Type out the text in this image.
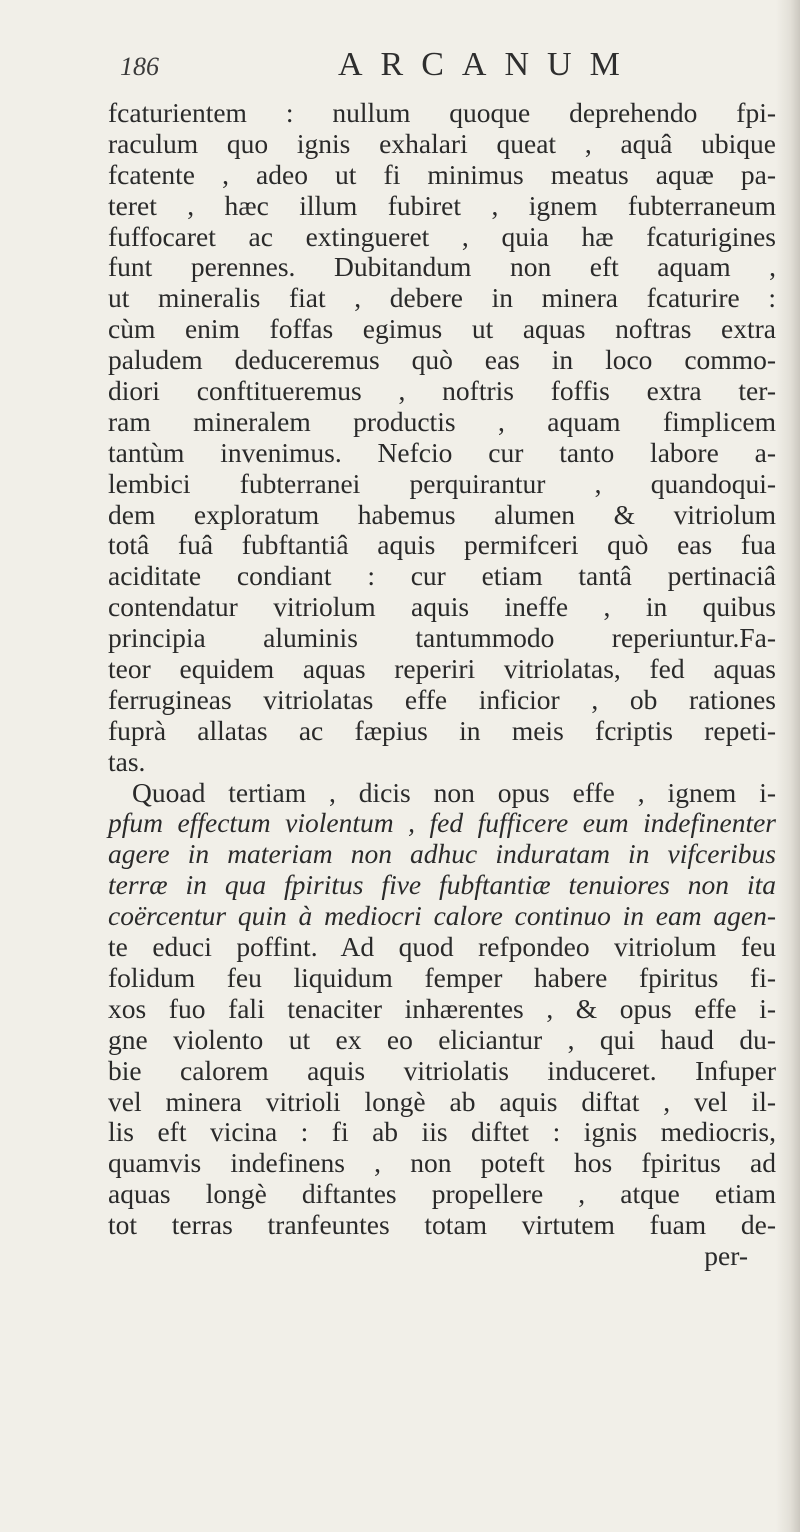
186	ARCANUM
fcaturientem : nullum quoque deprehendo fpi-
raculum quo ignis exhalari queat , aquâ ubique
fcatente , adeo ut fi minimus meatus aquæ pa-
teret , hæc illum fubiret , ignem fubterraneum
fuffocaret ac extingueret , quia hæ fcaturigines
funt perennes. Dubitandum non eft aquam ,
ut mineralis fiat , debere in minera fcaturire :
cùm enim foffas egimus ut aquas noftras extra
paludem deduceremus quò eas in loco commo-
diori conftitueremus , noftris foffis extra ter-
ram mineralem productis , aquam fimplicem
tantùm invenimus. Nefcio cur tanto labore a-
lembici fubterranei perquirantur , quandoqui-
dem exploratum habemus alumen & vitriolum
totâ fuâ fubftantiâ aquis permifceri quò eas fua
aciditate condiant : cur etiam tantâ pertinaciâ
contendatur vitriolum aquis ineffe , in quibus
principia aluminis tantummodo reperiuntur.Fa-
teor equidem aquas reperiri vitriolatas, fed aquas
ferrugineas vitriolatas effe inficior , ob rationes
fuprà allatas ac fæpius in meis fcriptis repeti-
tas.
Quoad tertiam , dicis non opus effe , ignem i-
pfum effectum violentum , fed fufficere eum indefinenter
agere in materiam non adhuc induratam in vifceribus
terræ in qua fpiritus five fubftantiæ tenuiores non ita
coërcentur quin à mediocri calore continuo in eam agen-
te educi poffint. Ad quod refpondeo vitriolum feu
folidum feu liquidum femper habere fpiritus fi-
xos fuo fali tenaciter inhærentes , & opus effe i-
gne violento ut ex eo eliciantur , qui haud du-
bie calorem aquis vitriolatis induceret. Infuper
vel minera vitrioli longè ab aquis diftat , vel il-
lis eft vicina : fi ab iis diftet : ignis mediocris,
quamvis indefinens , non poteft hos fpiritus ad
aquas longè diftantes propellere , atque etiam
tot terras tranfeuntes totam virtutem fuam de-
per-
